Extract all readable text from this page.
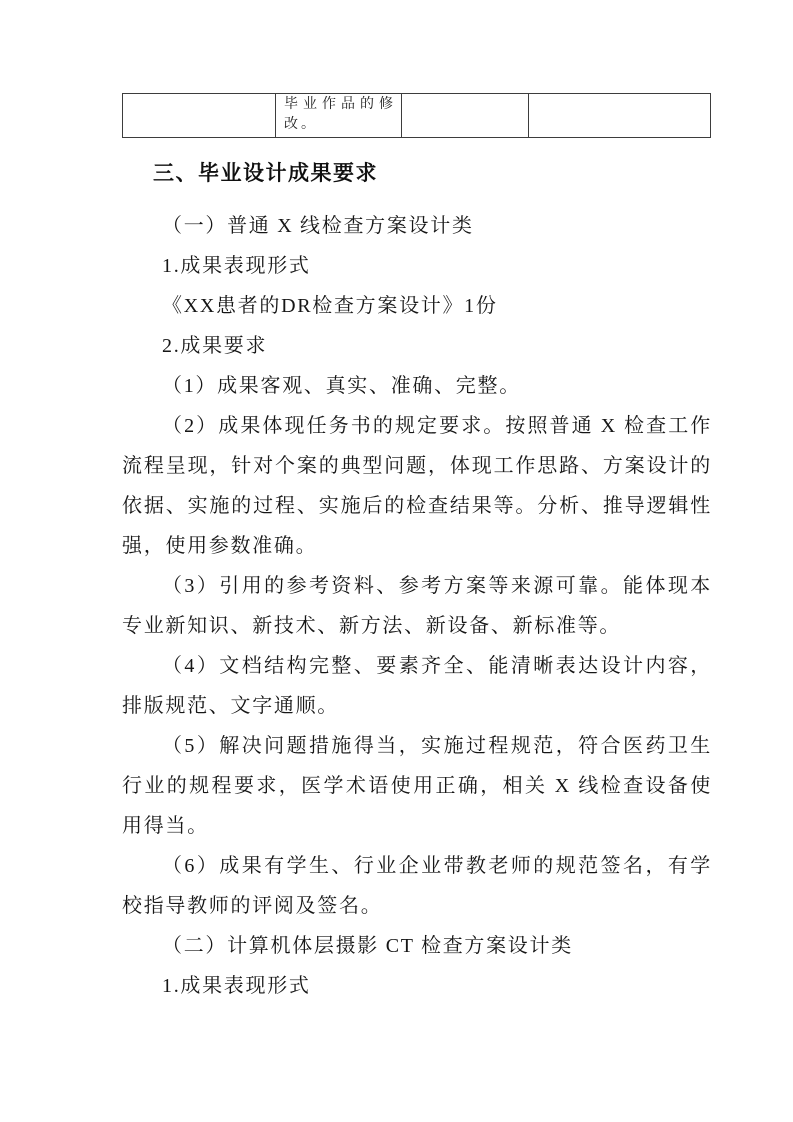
	毕业作品的修改。		
三、毕业设计成果要求

（一）普通 X 线检查方案设计类

1.成果表现形式

《XX患者的DR检查方案设计》1份

2.成果要求

（1）成果客观、真实、准确、完整。

（2）成果体现任务书的规定要求。按照普通 X 检查工作流程呈现，针对个案的典型问题，体现工作思路、方案设计的依据、实施的过程、实施后的检查结果等。分析、推导逻辑性强，使用参数准确。

（3）引用的参考资料、参考方案等来源可靠。能体现本专业新知识、新技术、新方法、新设备、新标准等。

（4）文档结构完整、要素齐全、能清晰表达设计内容，排版规范、文字通顺。

（5）解决问题措施得当，实施过程规范，符合医药卫生行业的规程要求，医学术语使用正确，相关 X 线检查设备使用得当。

（6）成果有学生、行业企业带教老师的规范签名，有学校指导教师的评阅及签名。

（二）计算机体层摄影 CT 检查方案设计类

1.成果表现形式
